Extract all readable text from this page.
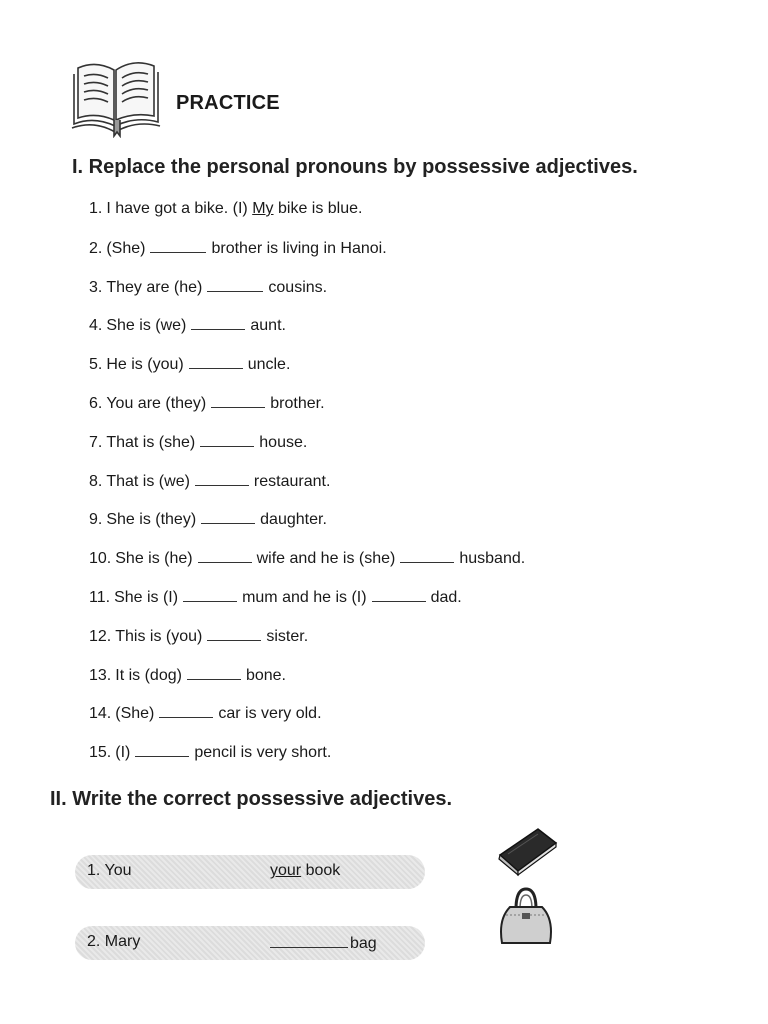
PRACTICE
I. Replace the personal pronouns by possessive adjectives.
1. I have got a bike. (I) My bike is blue.
2. (She)	brother is living in Hanoi.
3. They are (he)	cousins.
4. She is (we)	aunt.
5. He is (you)	uncle.
6. You are (they)	brother.
7. That is (she)	house.
8. That is (we)	restaurant.
9. She is (they)	daughter.
10. She is (he)	wife and he is (she)	husband.
11. She is (I)	mum and he is (I)	dad.
12. This is (you)	sister.
13. It is (dog)	bone.
14. (She)	car is very old.
15. (I)	pencil is very short.
II. Write the correct possessive adjectives.
1. You	your book
2. Mary	bag
